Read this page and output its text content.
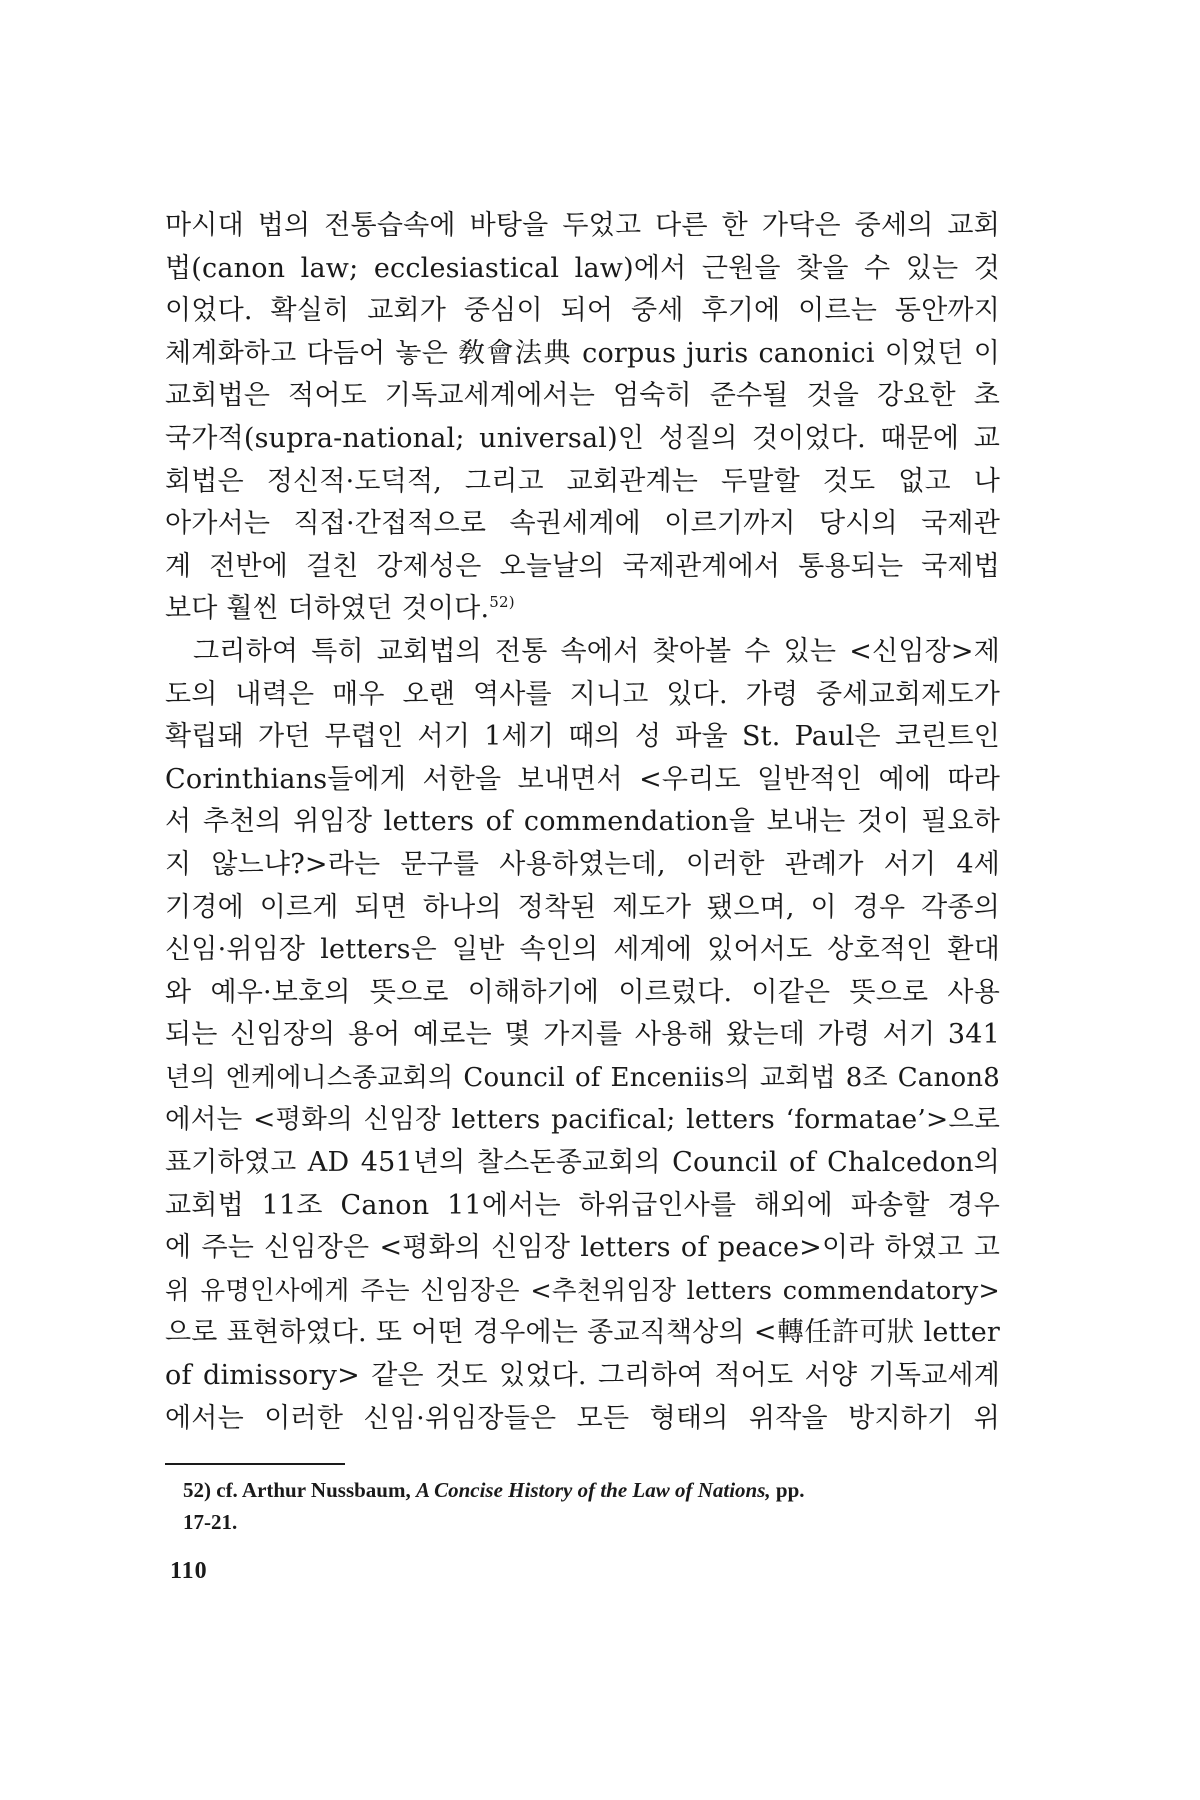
마시대 법의 전통습속에 바탕을 두었고 다른 한 가닥은 중세의 교회
법(canon law; ecclesiastical law)에서 근원을 찾을 수 있는 것
이었다. 확실히 교회가 중심이 되어 중세 후기에 이르는 동안까지
체계화하고 다듬어 놓은 敎會法典 corpus juris canonici 이었던 이
교회법은 적어도 기독교세계에서는 엄숙히 준수될 것을 강요한 초
국가적(supra-national; universal)인 성질의 것이었다. 때문에 교
회법은 정신적·도덕적, 그리고 교회관계는 두말할 것도 없고 나
아가서는 직접·간접적으로 속권세계에 이르기까지 당시의 국제관
계 전반에 걸친 강제성은 오늘날의 국제관계에서 통용되는 국제법
보다 훨씬 더하였던 것이다.$^{52)}$
그리하여 특히 교회법의 전통 속에서 찾아볼 수 있는 <신임장>제
도의 내력은 매우 오랜 역사를 지니고 있다. 가령 중세교회제도가
확립돼 가던 무렵인 서기 1세기 때의 성 파울 St. Paul은 코린트인
Corinthians들에게 서한을 보내면서 <우리도 일반적인 예에 따라
서 추천의 위임장 letters of commendation을 보내는 것이 필요하
지 않느냐?>라는 문구를 사용하였는데, 이러한 관례가 서기 4세
기경에 이르게 되면 하나의 정착된 제도가 됐으며, 이 경우 각종의
신임·위임장 letters은 일반 속인의 세계에 있어서도 상호적인 환대
와 예우·보호의 뜻으로 이해하기에 이르렀다. 이같은 뜻으로 사용
되는 신임장의 용어 예로는 몇 가지를 사용해 왔는데 가령 서기 341
년의 엔케에니스종교회의 Council of Enceniis의 교회법 8조 Canon8
에서는 <평화의 신임장 letters pacifical; letters ‘formatae’>으로
표기하였고 AD 451년의 찰스돈종교회의 Council of Chalcedon의
교회법 11조 Canon 11에서는 하위급인사를 해외에 파송할 경우
에 주는 신임장은 <평화의 신임장 letters of peace>이라 하였고 고
위 유명인사에게 주는 신임장은 <추천위임장 letters commendatory>
으로 표현하였다. 또 어떤 경우에는 종교직책상의 <轉任許可狀 letter
of dimissory> 같은 것도 있었다. 그리하여 적어도 서양 기독교세계
에서는 이러한 신임·위임장들은 모든 형태의 위작을 방지하기 위
52) cf. Arthur Nussbaum, A Concise History of the Law of Nations, pp.
17-21.
110
